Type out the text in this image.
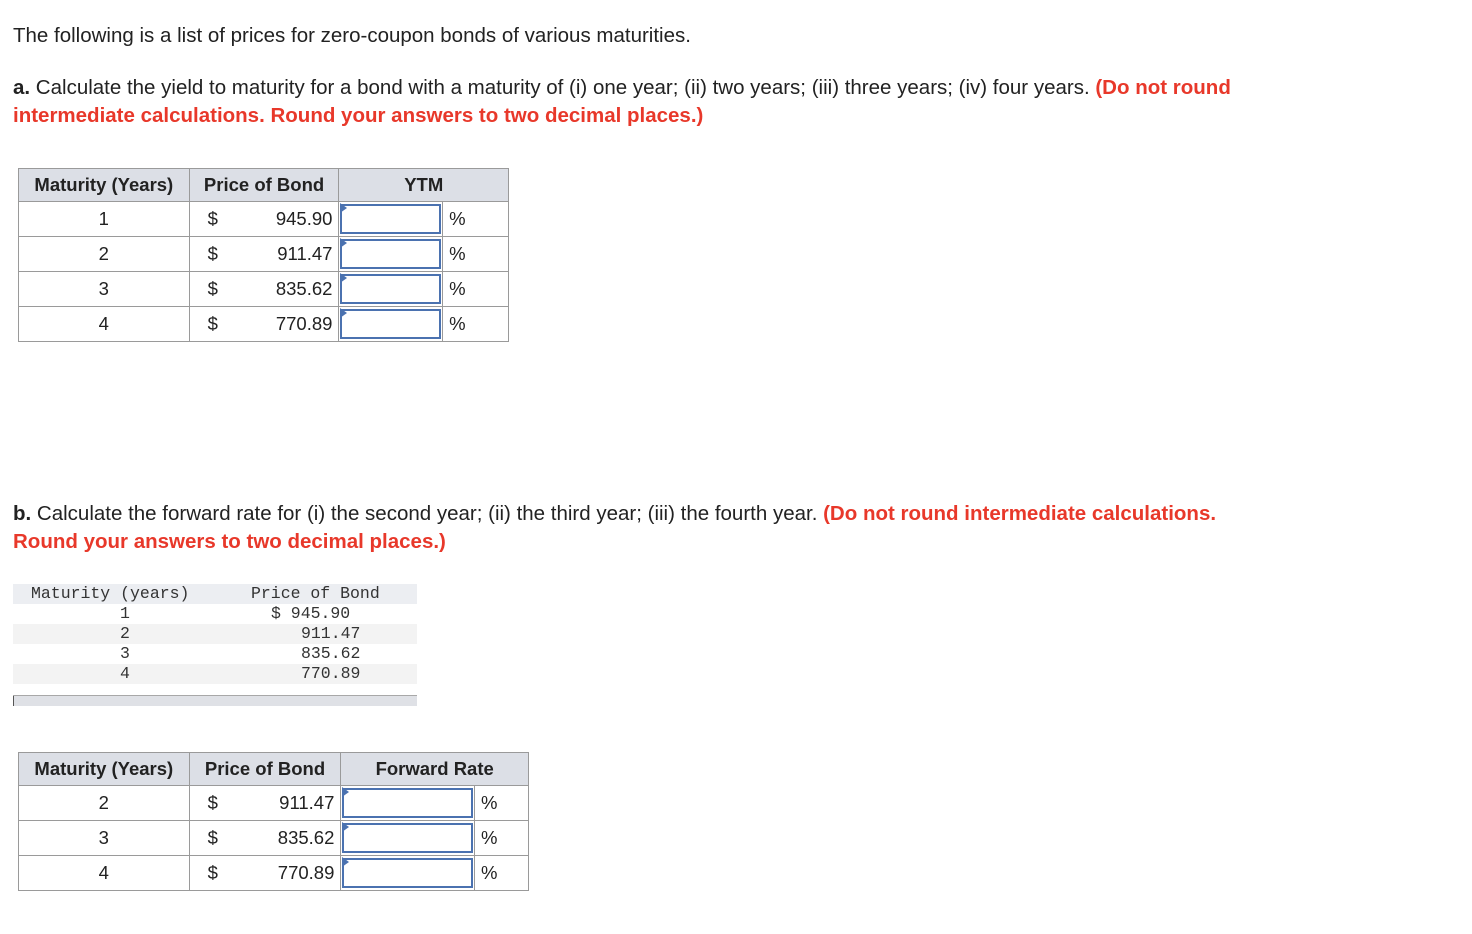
The following is a list of prices for zero-coupon bonds of various maturities.

a. Calculate the yield to maturity for a bond with a maturity of (i) one year; (ii) two years; (iii) three years; (iv) four years. (Do not round
intermediate calculations. Round your answers to two decimal places.)

Maturity (Years)	Price of Bond	YTM	
1	$ 945.90		%
2	$ 911.47		%
3	$ 835.62		%
4	$ 770.89		%

b. Calculate the forward rate for (i) the second year; (ii) the third year; (iii) the fourth year. (Do not round intermediate calculations.
Round your answers to two decimal places.)

Maturity (years)	Price of Bond
1	$ 945.90
2	911.47
3	835.62
4	770.89
Maturity (Years)	Price of Bond	Forward Rate	
2	$ 911.47		%
3	$ 835.62		%
4	$ 770.89		%
